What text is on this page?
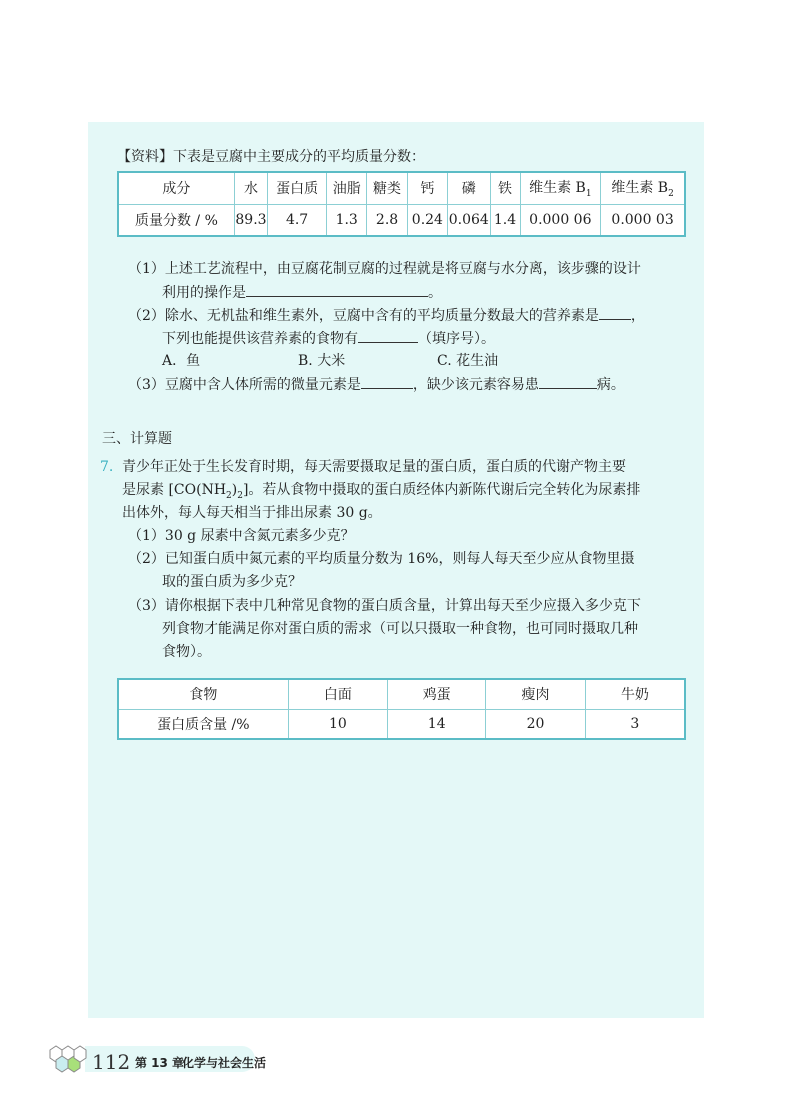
【资料】下表是豆腐中主要成分的平均质量分数：
成分	水	蛋白质	油脂	糖类	钙	磷	铁	维生素 $B_1$	维生素 $B_2$
质量分数 / %	89.3	4.7	1.3	2.8	0.24	0.064	1.4	0.000 06	0.000 03
（1）上述工艺流程中，由豆腐花制豆腐的过程就是将豆腐与水分离，该步骤的设计
利用的操作是	。
（2）除水、无机盐和维生素外，豆腐中含有的平均质量分数最大的营养素是 ，
下列也能提供该营养素的食物有	（填序号）。
A．鱼	B. 大米	C. 花生油
（3）豆腐中含人体所需的微量元素是	，缺少该元素容易患	病。
三、计算题
7. 青少年正处于生长发育时期，每天需要摄取足量的蛋白质，蛋白质的代谢产物主要
是尿素 $[CO(NH_2)_2]$。若从食物中摄取的蛋白质经体内新陈代谢后完全转化为尿素排
出体外，每人每天相当于排出尿素 30 g。
（1）30 g 尿素中含氮元素多少克？
（2）已知蛋白质中氮元素的平均质量分数为 16%，则每人每天至少应从食物里摄
取的蛋白质为多少克？
（3）请你根据下表中几种常见食物的蛋白质含量，计算出每天至少应摄入多少克下
列食物才能满足你对蛋白质的需求（可以只摄取一种食物，也可同时摄取几种
食物）。
食物	白面	鸡蛋	瘦肉	牛奶
蛋白质含量 /%	10	14	20	3
112 第 13 章
化学与社会生活
